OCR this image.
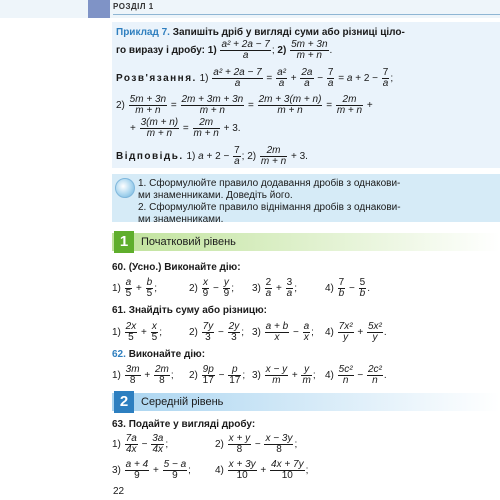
РОЗДІЛ 1
Приклад 7. Запишіть дріб у вигляді суми або різниці ціло-
го виразу і дробу: $1) \frac{\text{a² + 2a − 7}}{a}$ ; $2) \frac{5m + 3n}{m + n}$ .
Розв'язання. $1) \frac{\text{a² + 2a − 7}}{a} = \frac{\text{a²}}{a} + \frac{2a}{a} - \frac{7}{a} = a + 2 - \frac{7}{a}$ ;
$2) \frac{5m + 3n}{m + n} = \frac{2m + 3m + 3n}{m + n} = \frac{2m + 3(m + n)}{m + n} = \frac{2m}{m + n}$ +
+ $\frac{3(m + n)}{m + n} = \frac{2m}{m + n} + 3$.
Відповідь. 1) $a + 2 - \frac{7}{a}$ ; $2) \frac{2m}{m + n} + 3$.
1. Сформулюйте правило додавання дробів з однакови-
ми знаменниками. Доведіть його.
2. Сформулюйте правило віднімання дробів з однакови-
ми знаменниками.
1	Початковий рівень
60. (Усно.) Виконайте дію:
$1) \frac{a}{5} + \frac{b}{5}$ ;	$2) \frac{x}{9} - \frac{y}{9}$ ; $3) \frac{2}{a} + \frac{3}{a}$ ;	$4) \frac{7}{b} - \frac{5}{b}$ .
61. Знайдіть суму або різницю:
$1) \frac{2x}{5} + \frac{x}{5}$ ;	$2) \frac{7y}{3} - \frac{2y}{3}$ ; $3) \frac{a + b}{x} - \frac{a}{x}$ ; $4) \frac{\text{7x²}}{y} + \frac{\text{5x²}}{y}$ .
62. Виконайте дію:
$1) \frac{3m}{8} + \frac{2m}{8}$ ; $2) \frac{9p}{17} - \frac{p}{17}$ ; $3) \frac{x - y}{m} + \frac{y}{m}$ ; $4) \frac{\text{5c²}}{n} - \frac{\text{2c²}}{n}$ .
2	Середній рівень
63. Подайте у вигляді дробу:
$1) \frac{7a}{4x} - \frac{3a}{4x}$ ;	$2) \frac{x + y}{8} - \frac{x - 3y}{8}$ ;
$3) \frac{a + 4}{9} + \frac{5 - a}{9}$ ; $4) \frac{x + 3y}{10} + \frac{4x + 7y}{10}$ ;
22
